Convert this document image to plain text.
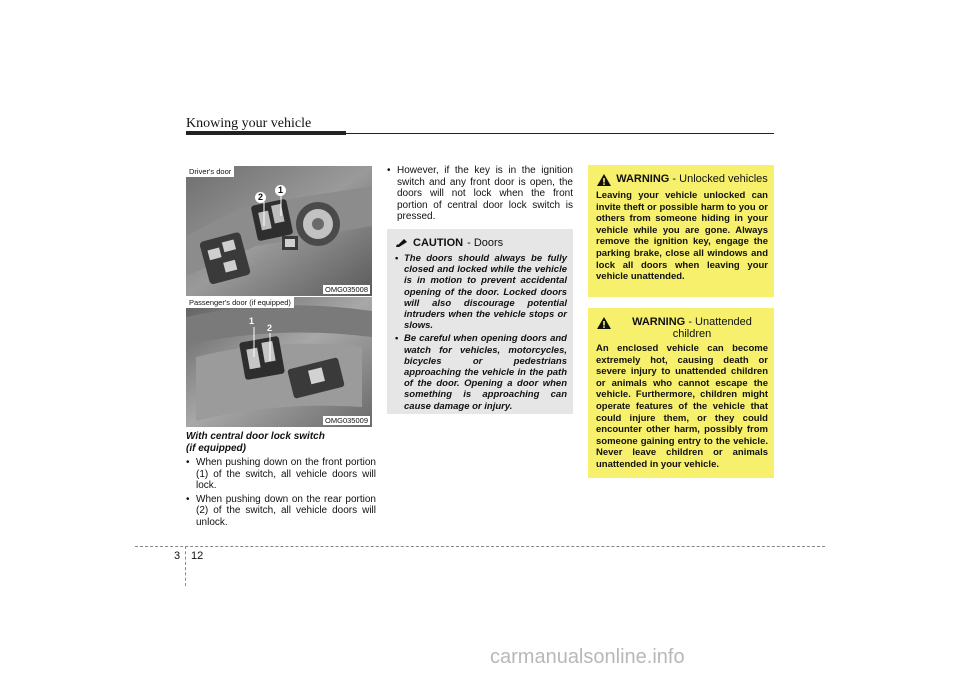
Knowing your vehicle
Driver's door
2
1
OMG035008
Passenger's door (if equipped)
1
2
OMG035009
With central door lock switch
(if equipped)
• When pushing down on the front portion (1) of the switch, all vehicle doors will lock.
• When pushing down on the rear portion (2) of the switch, all vehicle doors will unlock.
• However, if the key is in the ignition switch and any front door is open, the doors will not lock when the front portion of central door lock switch is pressed.
CAUTION - Doors
• The doors should always be fully closed and locked while the vehicle is in motion to prevent accidental opening of the door. Locked doors will also discourage potential intruders when the vehicle stops or slows.
• Be careful when opening doors and watch for vehicles, motorcycles, bicycles or pedestrians approaching the vehicle in the path of the door. Opening a door when something is approaching can cause damage or injury.
WARNING - Unlocked vehicles
Leaving your vehicle unlocked can invite theft or possible harm to you or others from someone hiding in your vehicle while you are gone. Always remove the ignition key, engage the parking brake, close all windows and lock all doors when leaving your vehicle unattended.
WARNING - Unattended children
An enclosed vehicle can become extremely hot, causing death or severe injury to unattended children or animals who cannot escape the vehicle. Furthermore, children might operate features of the vehicle that could injure them, or they could encounter other harm, possibly from someone gaining entry to the vehicle. Never leave children or animals unattended in your vehicle.
3 12
carmanualsonline.info
